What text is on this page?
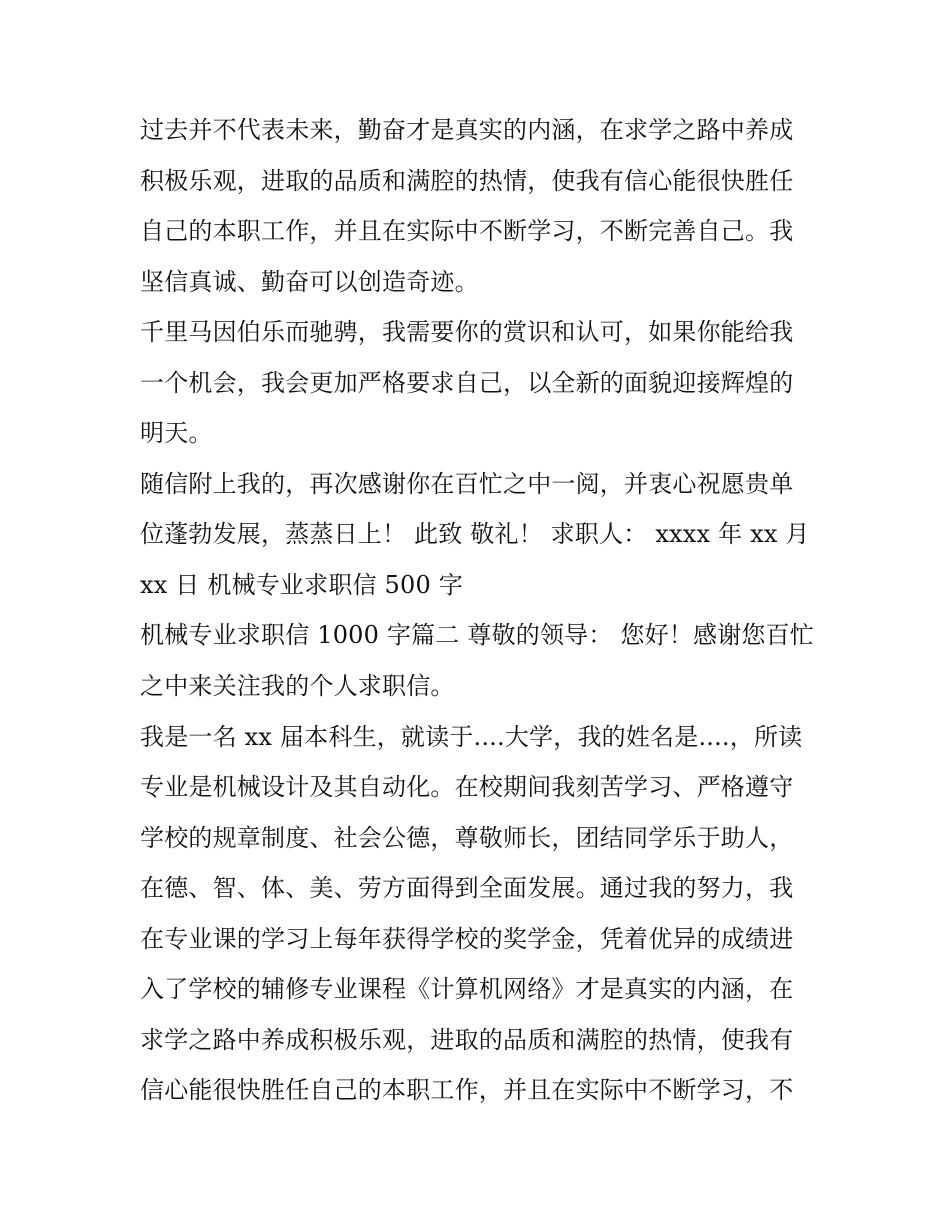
过去并不代表未来，勤奋才是真实的内涵，在求学之路中养成
积极乐观，进取的品质和满腔的热情，使我有信心能很快胜任
自己的本职工作，并且在实际中不断学习，不断完善自己。我
坚信真诚、勤奋可以创造奇迹。
千里马因伯乐而驰骋，我需要你的赏识和认可，如果你能给我
一个机会，我会更加严格要求自己，以全新的面貌迎接辉煌的
明天。
随信附上我的，再次感谢你在百忙之中一阅，并衷心祝愿贵单
位蓬勃发展，蒸蒸日上！ 此致 敬礼！ 求职人： xxxx 年 xx 月
xx 日 机械专业求职信 500 字
机械专业求职信 1000 字篇二 尊敬的领导： 您好！感谢您百忙
之中来关注我的个人求职信。
我是一名 xx 届本科生，就读于....大学，我的姓名是....，所读
专业是机械设计及其自动化。在校期间我刻苦学习、严格遵守
学校的规章制度、社会公德，尊敬师长，团结同学乐于助人，
在德、智、体、美、劳方面得到全面发展。通过我的努力，我
在专业课的学习上每年获得学校的奖学金，凭着优异的成绩进
入了学校的辅修专业课程《计算机网络》才是真实的内涵，在
求学之路中养成积极乐观，进取的品质和满腔的热情，使我有
信心能很快胜任自己的本职工作，并且在实际中不断学习，不
